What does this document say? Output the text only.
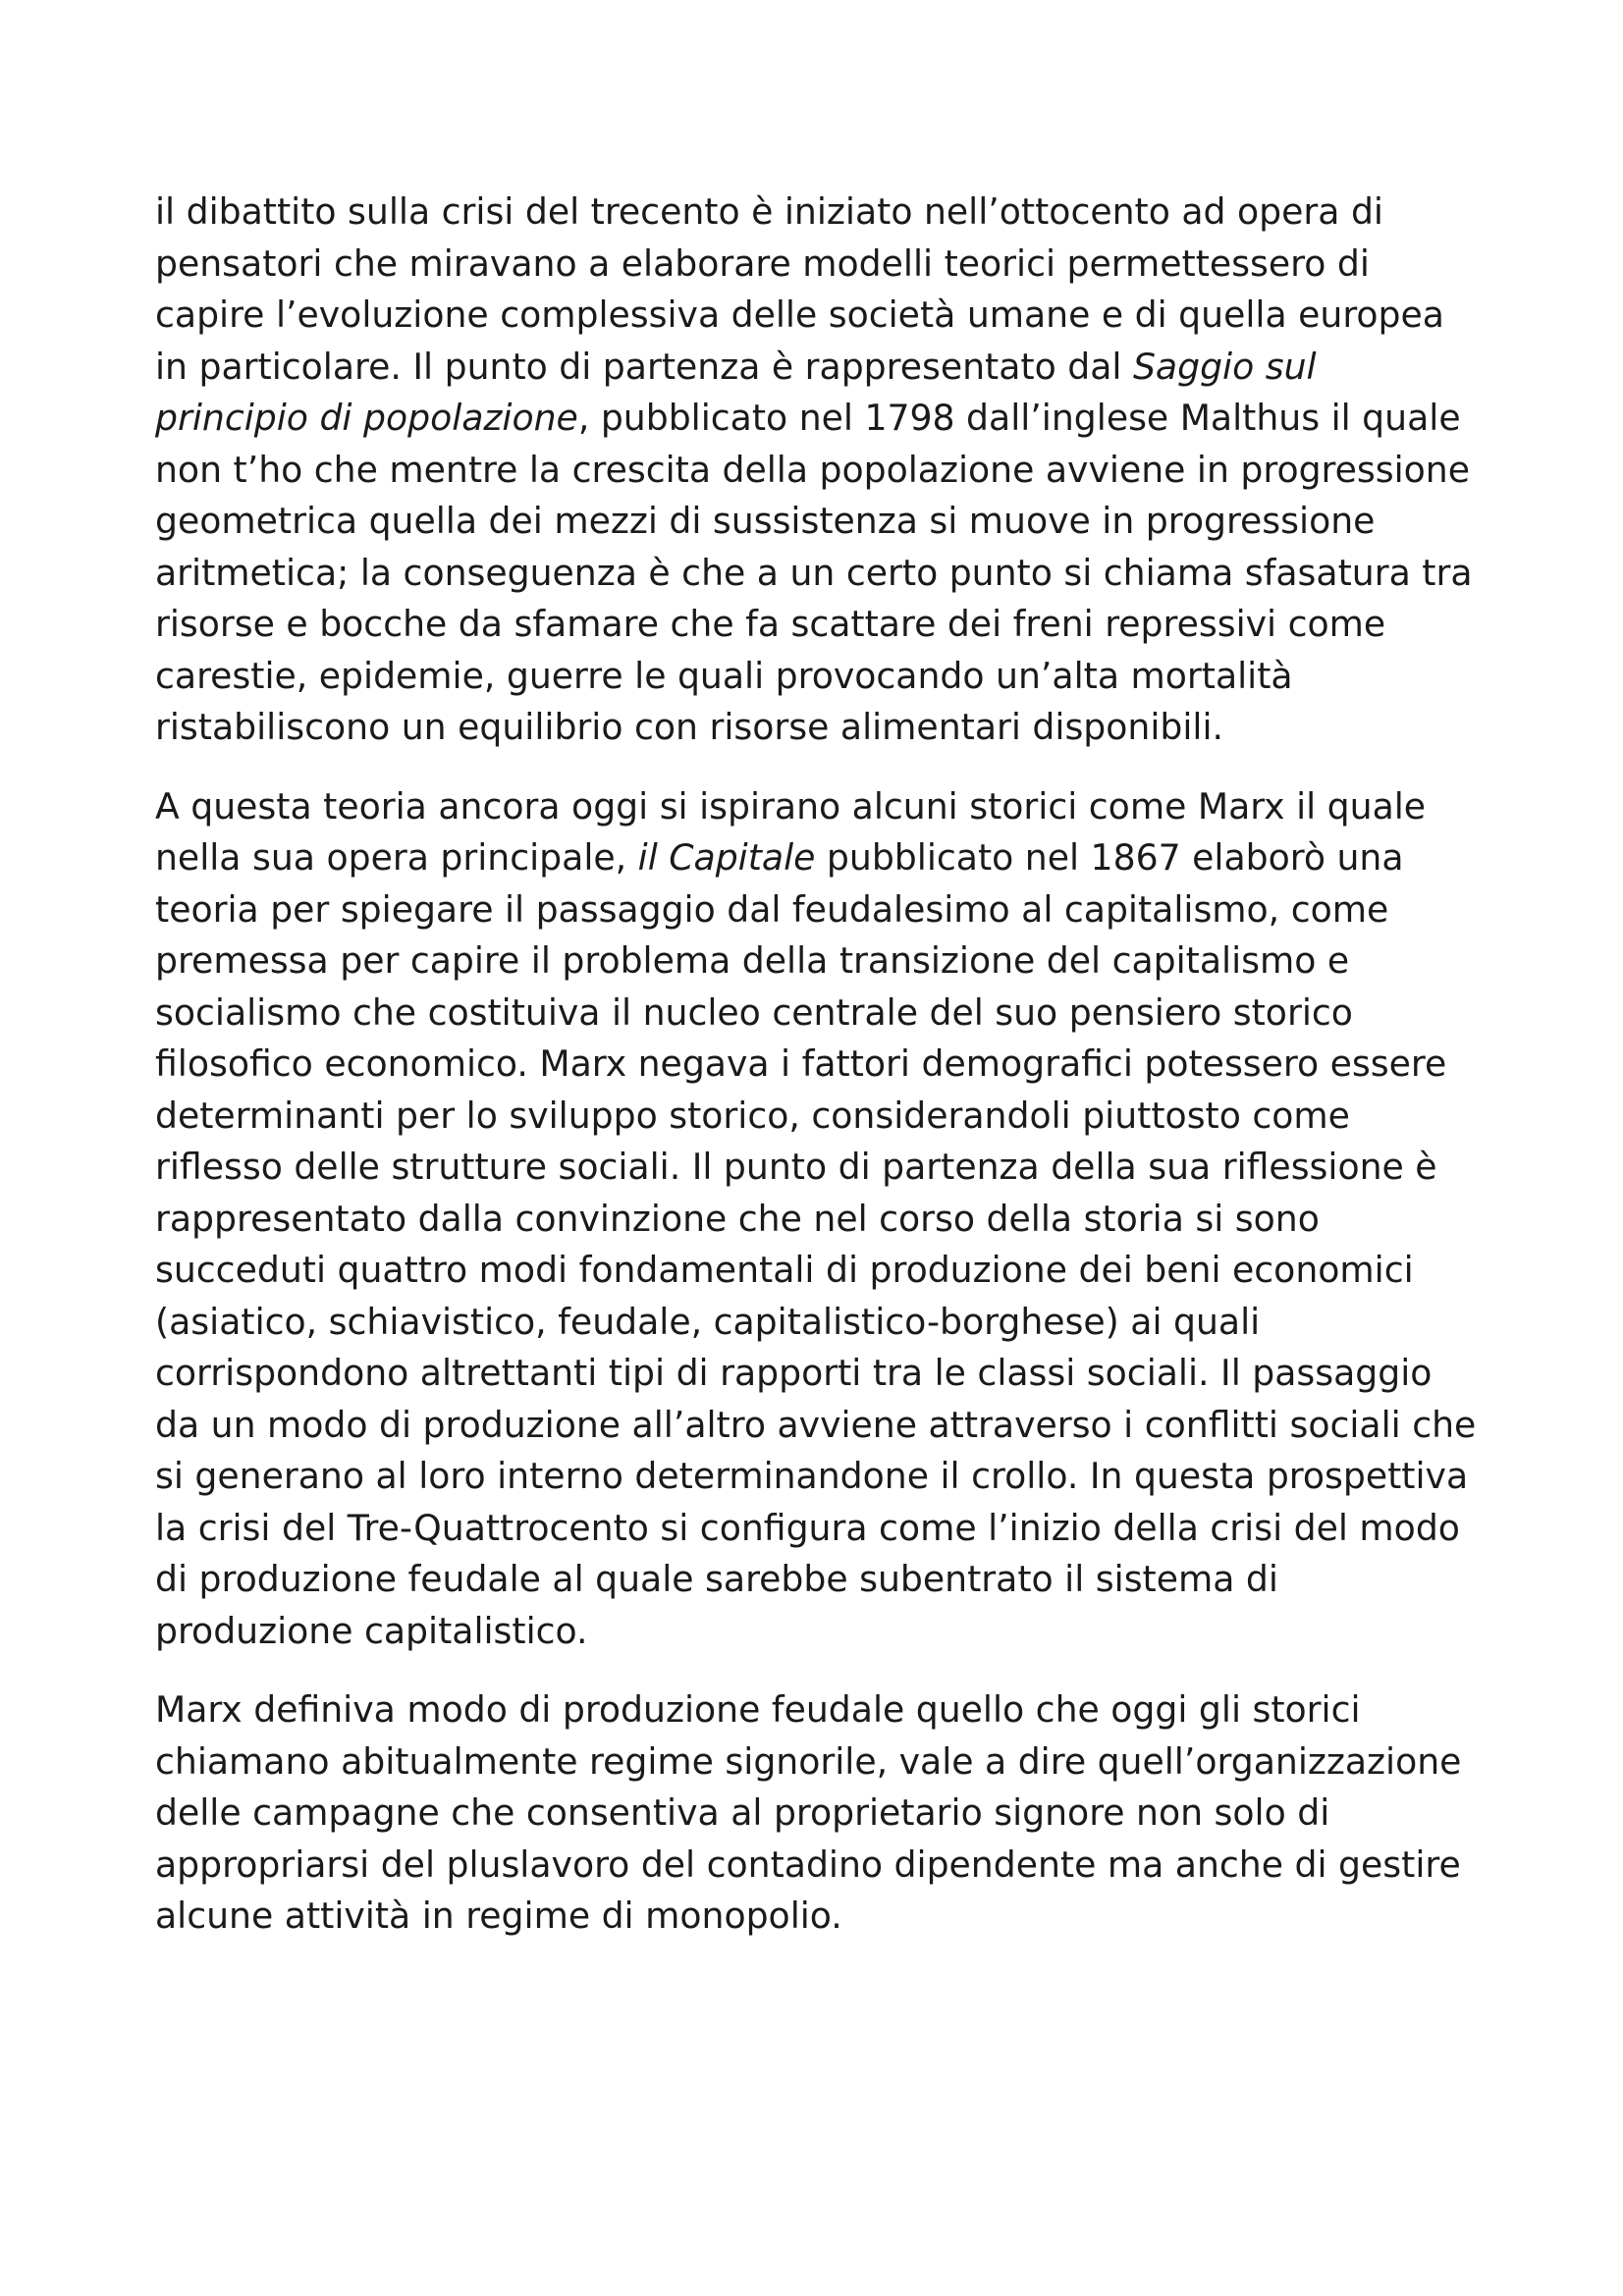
il dibattito sulla crisi del trecento è iniziato nell’ottocento ad opera di pensatori che miravano a elaborare modelli teorici permettessero di capire l’evoluzione complessiva delle società umane e di quella europea in particolare. Il punto di partenza è rappresentato dal Saggio sul principio di popolazione, pubblicato nel 1798 dall’inglese Malthus il quale non t’ho che mentre la crescita della popolazione avviene in progressione geometrica quella dei mezzi di sussistenza si muove in progressione aritmetica; la conseguenza è che a un certo punto si chiama sfasatura tra risorse e bocche da sfamare che fa scattare dei freni repressivi come carestie, epidemie, guerre le quali provocando un’alta mortalità ristabiliscono un equilibrio con risorse alimentari disponibili.

A questa teoria ancora oggi si ispirano alcuni storici come Marx il quale nella sua opera principale, il Capitale pubblicato nel 1867 elaborò una teoria per spiegare il passaggio dal feudalesimo al capitalismo, come premessa per capire il problema della transizione del capitalismo e socialismo che costituiva il nucleo centrale del suo pensiero storico filosofico economico. Marx negava i fattori demografici potessero essere determinanti per lo sviluppo storico, considerandoli piuttosto come riflesso delle strutture sociali. Il punto di partenza della sua riflessione è rappresentato dalla convinzione che nel corso della storia si sono succeduti quattro modi fondamentali di produzione dei beni economici (asiatico, schiavistico, feudale, capitalistico-borghese) ai quali corrispondono altrettanti tipi di rapporti tra le classi sociali. Il passaggio da un modo di produzione all’altro avviene attraverso i conflitti sociali che si generano al loro interno determinandone il crollo. In questa prospettiva la crisi del Tre-Quattrocento si configura come l’inizio della crisi del modo di produzione feudale al quale sarebbe subentrato il sistema di produzione capitalistico.

Marx definiva modo di produzione feudale quello che oggi gli storici chiamano abitualmente regime signorile, vale a dire quell’organizzazione delle campagne che consentiva al proprietario signore non solo di appropriarsi del pluslavoro del contadino dipendente ma anche di gestire alcune attività in regime di monopolio.
